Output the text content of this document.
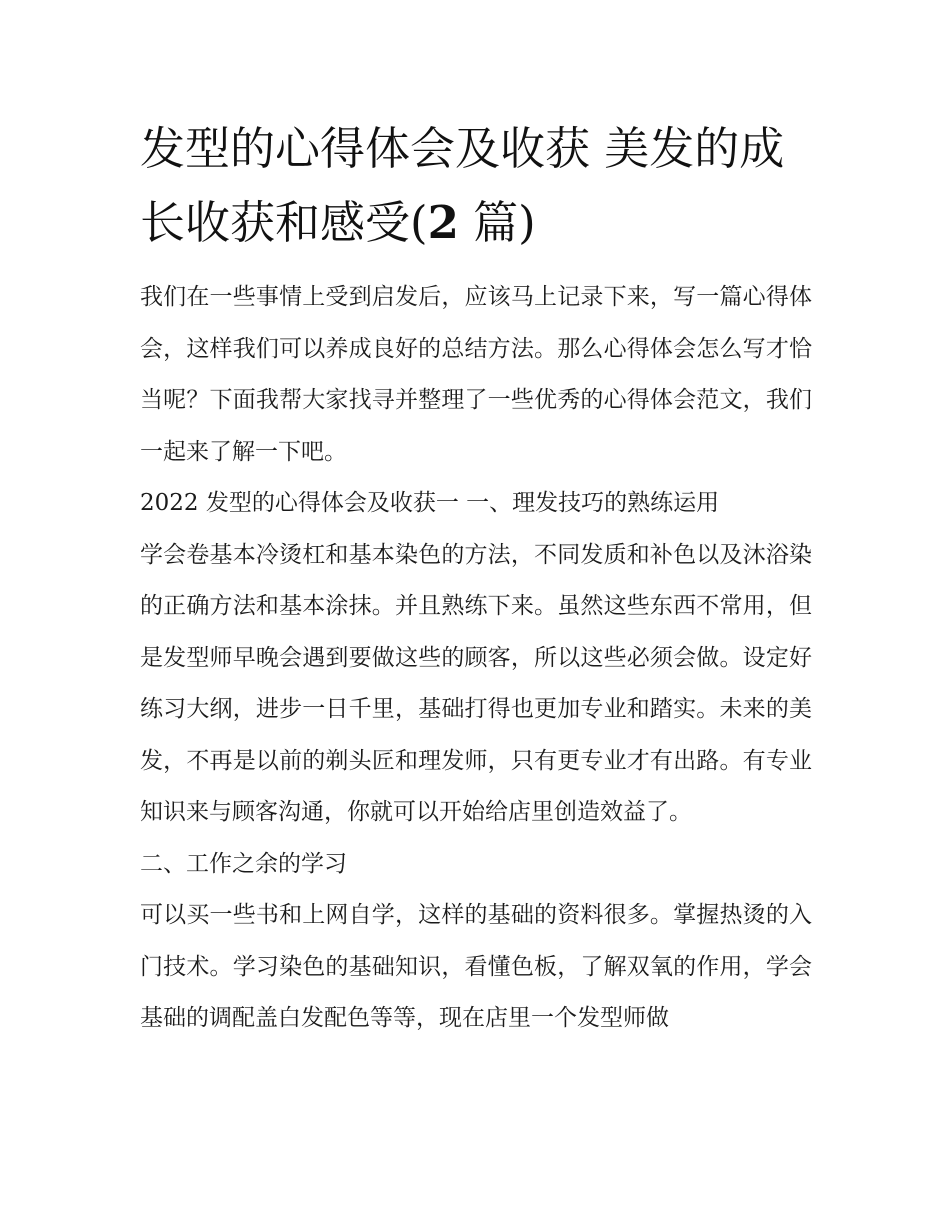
发型的心得体会及收获 美发的成长收获和感受(2 篇)

我们在一些事情上受到启发后，应该马上记录下来，写一篇心得体会，这样我们可以养成良好的总结方法。那么心得体会怎么写才恰当呢？下面我帮大家找寻并整理了一些优秀的心得体会范文，我们一起来了解一下吧。

2022 发型的心得体会及收获一 一、理发技巧的熟练运用

学会卷基本冷烫杠和基本染色的方法，不同发质和补色以及沐浴染的正确方法和基本涂抹。并且熟练下来。虽然这些东西不常用，但是发型师早晚会遇到要做这些的顾客，所以这些必须会做。设定好练习大纲，进步一日千里，基础打得也更加专业和踏实。未来的美发，不再是以前的剃头匠和理发师，只有更专业才有出路。有专业知识来与顾客沟通，你就可以开始给店里创造效益了。

二、工作之余的学习

可以买一些书和上网自学，这样的基础的资料很多。掌握热烫的入门技术。学习染色的基础知识，看懂色板，了解双氧的作用，学会基础的调配盖白发配色等等，现在店里一个发型师做
